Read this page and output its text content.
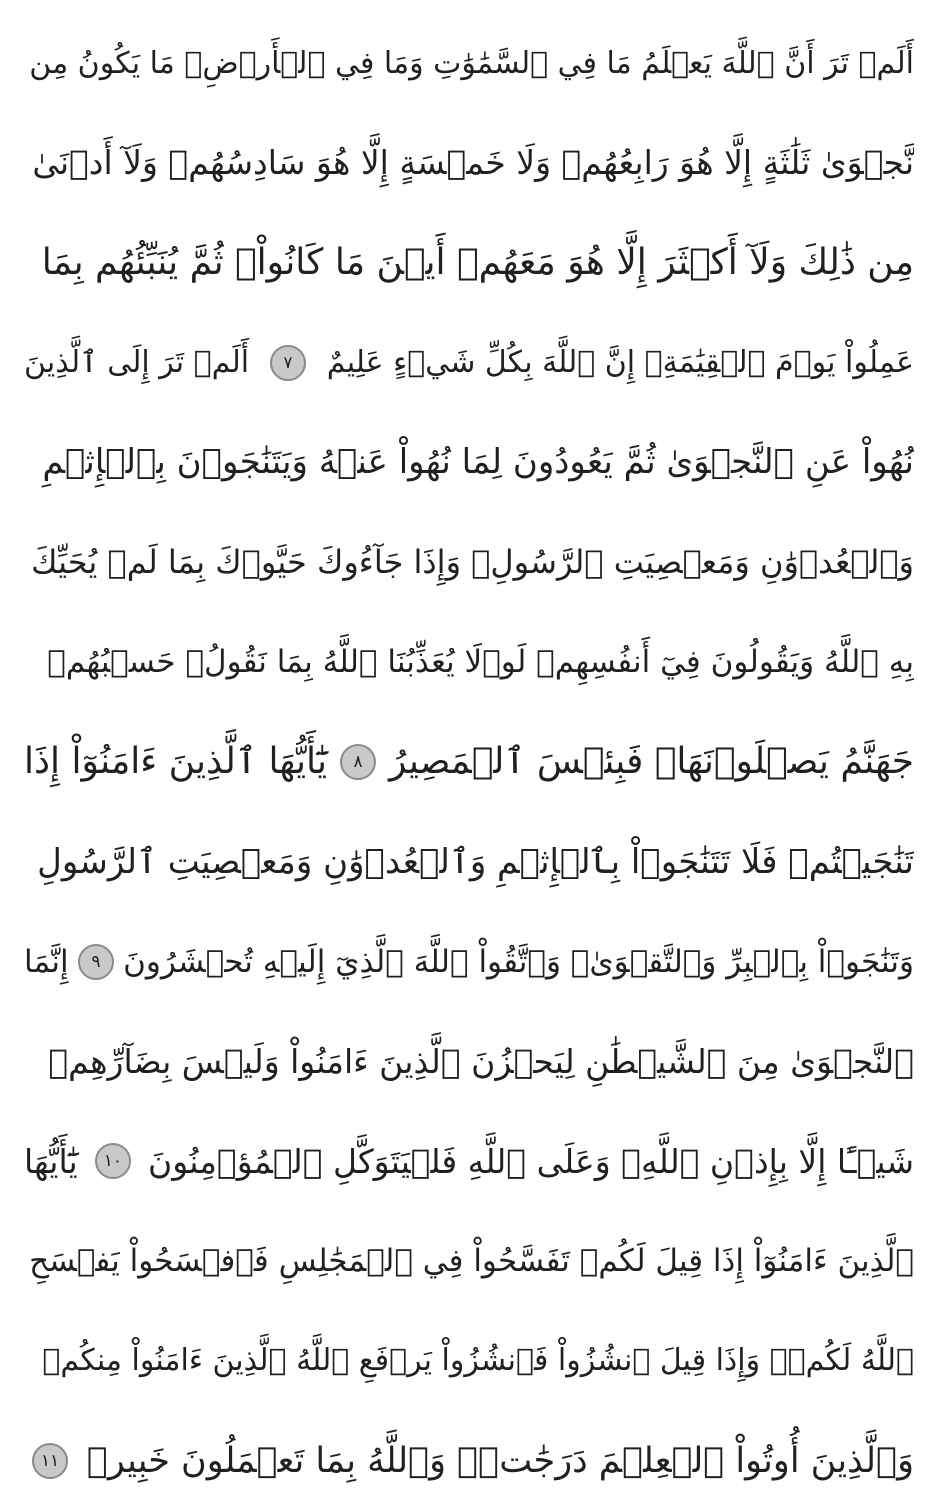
أَلَمۡ تَرَ أَنَّ ٱللَّهَ يَعۡلَمُ مَا فِي ٱلسَّمَٰوَٰتِ وَمَا فِي ٱلۡأَرۡضِۖ مَا يَكُونُ مِن
نَّجۡوَىٰ ثَلَٰثَةٍ إِلَّا هُوَ رَابِعُهُمۡ وَلَا خَمۡسَةٍ إِلَّا هُوَ سَادِسُهُمۡ وَلَآ أَدۡنَىٰ
مِن ذَٰلِكَ وَلَآ أَكۡثَرَ إِلَّا هُوَ مَعَهُمۡ أَيۡنَ مَا كَانُواْۖ ثُمَّ يُنَبِّئُهُم بِمَا
عَمِلُواْ يَوۡمَ ٱلۡقِيَٰمَةِۚ إِنَّ ٱللَّهَ بِكُلِّ شَيۡءٍ عَلِيمٌ
٧
أَلَمۡ تَرَ إِلَى ٱلَّذِينَ
نُهُواْ عَنِ ٱلنَّجۡوَىٰ ثُمَّ يَعُودُونَ لِمَا نُهُواْ عَنۡهُ وَيَتَنَٰجَوۡنَ بِٱلۡإِثۡمِ
وَٱلۡعُدۡوَٰنِ وَمَعۡصِيَتِ ٱلرَّسُولِۖ وَإِذَا جَآءُوكَ حَيَّوۡكَ بِمَا لَمۡ يُحَيِّكَ
بِهِ ٱللَّهُ وَيَقُولُونَ فِيٓ أَنفُسِهِمۡ لَوۡلَا يُعَذِّبُنَا ٱللَّهُ بِمَا نَقُولُۚ حَسۡبُهُمۡ
جَهَنَّمُ يَصۡلَوۡنَهَاۖ فَبِئۡسَ ٱلۡمَصِيرُ
٨
يَٰٓأَيُّهَا ٱلَّذِينَ ءَامَنُوٓاْ إِذَا
تَنَٰجَيۡتُمۡ فَلَا تَتَنَٰجَوۡاْ بِٱلۡإِثۡمِ وَٱلۡعُدۡوَٰنِ وَمَعۡصِيَتِ ٱلرَّسُولِ
وَتَنَٰجَوۡاْ بِٱلۡبِرِّ وَٱلتَّقۡوَىٰۖ وَٱتَّقُواْ ٱللَّهَ ٱلَّذِيٓ إِلَيۡهِ تُحۡشَرُونَ
٩
إِنَّمَا
ٱلنَّجۡوَىٰ مِنَ ٱلشَّيۡطَٰنِ لِيَحۡزُنَ ٱلَّذِينَ ءَامَنُواْ وَلَيۡسَ بِضَآرِّهِمۡ
شَيۡـًٔا إِلَّا بِإِذۡنِ ٱللَّهِۚ وَعَلَى ٱللَّهِ فَلۡيَتَوَكَّلِ ٱلۡمُؤۡمِنُونَ
١٠
يَٰٓأَيُّهَا
ٱلَّذِينَ ءَامَنُوٓاْ إِذَا قِيلَ لَكُمۡ تَفَسَّحُواْ فِي ٱلۡمَجَٰلِسِ فَٱفۡسَحُواْ يَفۡسَحِ
ٱللَّهُ لَكُمۡۖ وَإِذَا قِيلَ ٱنشُزُواْ فَٱنشُزُواْ يَرۡفَعِ ٱللَّهُ ٱلَّذِينَ ءَامَنُواْ مِنكُمۡ
وَٱلَّذِينَ أُوتُواْ ٱلۡعِلۡمَ دَرَجَٰتٖۚ وَٱللَّهُ بِمَا تَعۡمَلُونَ خَبِيرٞ
١١
